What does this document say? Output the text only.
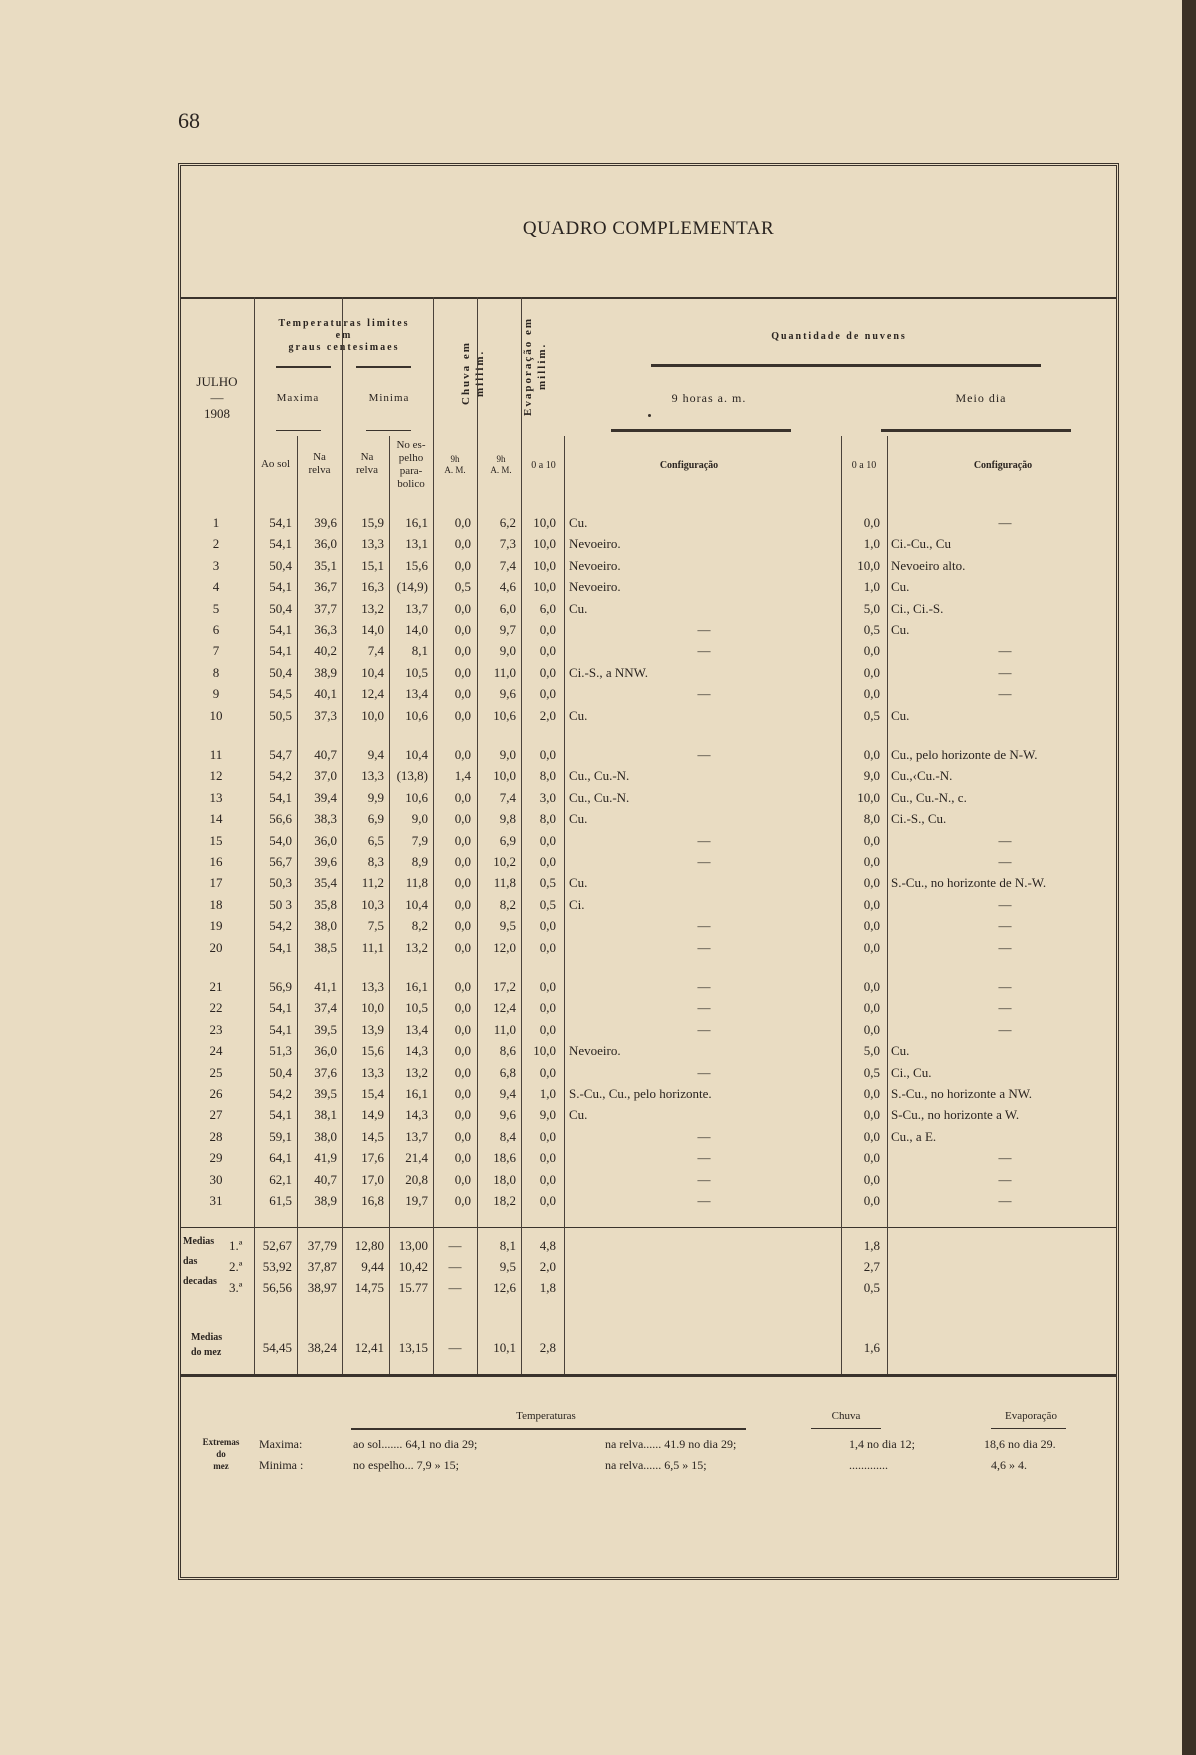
68
QUADRO COMPLEMENTAR
JULHO
—
1908
Temperaturas limites
em
graus centesimaes
Maxima	Minima	Chuva em millim.	Evaporação em millim.
Quantidade de nuvens
9 horas a. m.	Meio dia
Ao sol
Na
relva
Na
relva
No es-
pelho
para-
bolico
9h
A. M.
9h
A. M.	0 a 10	Configuração	0 a 10	Configuração
1	54,1	39,6	15,9	16,1	0,0	6,2	10,0 Cu.	0,0	—
2	54,1	36,0	13,3	13,1	0,0	7,3	10,0 Nevoeiro.	1,0 Ci.-Cu., Cu
3	50,4	35,1	15,1	15,6	0,0	7,4	10,0 Nevoeiro.	10,0 Nevoeiro alto.
4	54,1	36,7	16,3 (14,9)	0,5	4,6	10,0 Nevoeiro.	1,0 Cu.
5	50,4	37,7	13,2	13,7	0,0	6,0	6,0 Cu.	5,0 Ci., Ci.-S.
6	54,1	36,3	14,0	14,0	0,0	9,7	0,0	—	0,5 Cu.
7	54,1	40,2	7,4	8,1	0,0	9,0	0,0	—	0,0	—
8	50,4	38,9	10,4	10,5	0,0	11,0	0,0 Ci.-S., a NNW.	0,0	—
9	54,5	40,1	12,4	13,4	0,0	9,6	0,0	—	0,0	—
10	50,5	37,3	10,0	10,6	0,0	10,6	2,0 Cu.	0,5 Cu.
11	54,7	40,7	9,4	10,4	0,0	9,0	0,0	—	0,0 Cu., pelo horizonte de N-W.
12	54,2	37,0	13,3 (13,8)	1,4	10,0	8,0 Cu., Cu.-N.	9,0 Cu.,‹Cu.-N.
13	54,1	39,4	9,9	10,6	0,0	7,4	3,0 Cu., Cu.-N.	10,0 Cu., Cu.-N., c.
14	56,6	38,3	6,9	9,0	0,0	9,8	8,0 Cu.	8,0 Ci.-S., Cu.
15	54,0	36,0	6,5	7,9	0,0	6,9	0,0	—	0,0	—
16	56,7	39,6	8,3	8,9	0,0	10,2	0,0	—	0,0	—
17	50,3	35,4	11,2	11,8	0,0	11,8	0,5 Cu.	0,0 S.-Cu., no horizonte de N.-W.
18	50 3	35,8	10,3	10,4	0,0	8,2	0,5 Ci.	0,0	—
19	54,2	38,0	7,5	8,2	0,0	9,5	0,0	—	0,0	—
20	54,1	38,5	11,1	13,2	0,0	12,0	0,0	—	0,0	—
21	56,9	41,1	13,3	16,1	0,0	17,2	0,0	—	0,0	—
22	54,1	37,4	10,0	10,5	0,0	12,4	0,0	—	0,0	—
23	54,1	39,5	13,9	13,4	0,0	11,0	0,0	—	0,0	—
24	51,3	36,0	15,6	14,3	0,0	8,6	10,0 Nevoeiro.	5,0 Cu.
25	50,4	37,6	13,3	13,2	0,0	6,8	0,0	—	0,5 Ci., Cu.
26	54,2	39,5	15,4	16,1	0,0	9,4	1,0 S.-Cu., Cu., pelo horizonte.	0,0 S.-Cu., no horizonte a NW.
27	54,1	38,1	14,9	14,3	0,0	9,6	9,0 Cu.	0,0 S-Cu., no horizonte a W.
28	59,1	38,0	14,5	13,7	0,0	8,4	0,0	—	0,0 Cu., a E.
29	64,1	41,9	17,6	21,4	0,0	18,6	0,0	—	0,0	—
30	62,1	40,7	17,0	20,8	0,0	18,0	0,0	—	0,0	—
31	61,5	38,9	16,8	19,7	0,0	18,2	0,0	—	0,0	—
Medias
das
decadas
1.ª	52,67	37,79	12,80	13,00	—	8,1	4,8	1,8
2.ª	53,92	37,87	9,44	10,42	—	9,5	2,0	2,7
3.ª	56,56	38,97	14,75	15.77	—	12,6	1,8	0,5
Medias
do mez	54,45	38,24	12,41	13,15	—	10,1	2,8	1,6
Temperaturas	Chuva	Evaporação
Extremas
do
mez
Maxima:
Minima :
ao sol....... 64,1 no dia 29;	na relva...... 41.9 no dia 29;	1,4 no dia 12;	18,6 no dia 29.
no espelho... 7,9 » 15;	na relva...... 6,5 » 15;	.............	4,6 » 4.
